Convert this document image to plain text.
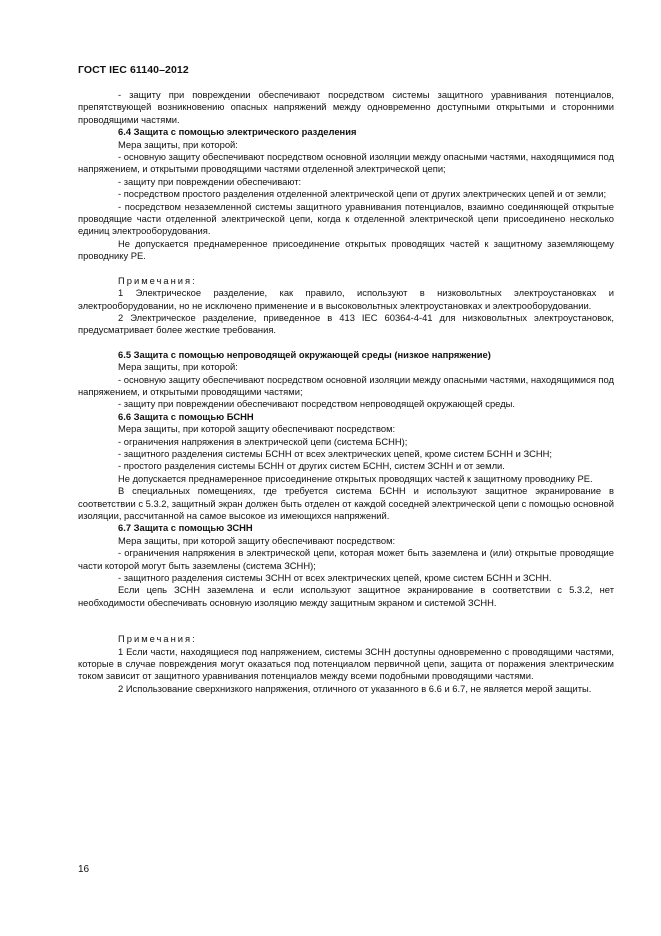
ГОСТ IEC 61140–2012
- защиту при повреждении обеспечивают посредством системы защитного уравнивания потенциалов, препятствующей возникновению опасных напряжений между одновременно доступными открытыми и сторонними проводящими частями.
6.4 Защита с помощью электрического разделения
Мера защиты, при которой:
- основную защиту обеспечивают посредством основной изоляции между опасными частями, находящимися под напряжением, и открытыми проводящими частями отделенной электрической цепи;
- защиту при повреждении обеспечивают:
- посредством простого разделения отделенной электрической цепи от других электрических цепей и от земли;
- посредством незаземленной системы защитного уравнивания потенциалов, взаимно соединяющей открытые проводящие части отделенной электрической цепи, когда к отделенной электрической цепи присоединено несколько единиц электрооборудования.
Не допускается преднамеренное присоединение открытых проводящих частей к защитному заземляющему проводнику PE.
Примечания:
1 Электрическое разделение, как правило, используют в низковольтных электроустановках и электрооборудовании, но не исключено применение и в высоковольтных электроустановках и электрооборудовании.
2 Электрическое разделение, приведенное в 413 IEC 60364-4-41 для низковольтных электроустановок, предусматривает более жесткие требования.
6.5 Защита с помощью непроводящей окружающей среды (низкое напряжение)
Мера защиты, при которой:
- основную защиту обеспечивают посредством основной изоляции между опасными частями, находящимися под напряжением, и открытыми проводящими частями;
- защиту при повреждении обеспечивают посредством непроводящей окружающей среды.
6.6 Защита с помощью БСНН
Мера защиты, при которой защиту обеспечивают посредством:
- ограничения напряжения в электрической цепи (система БСНН);
- защитного разделения системы БСНН от всех электрических цепей, кроме систем БСНН и ЗСНН;
- простого разделения системы БСНН от других систем БСНН, систем ЗСНН и от земли.
Не допускается преднамеренное присоединение открытых проводящих частей к защитному проводнику PE.
В специальных помещениях, где требуется система БСНН и используют защитное экранирование в соответствии с 5.3.2, защитный экран должен быть отделен от каждой соседней электрической цепи с помощью основной изоляции, рассчитанной на самое высокое из имеющихся напряжений.
6.7 Защита с помощью ЗСНН
Мера защиты, при которой защиту обеспечивают посредством:
- ограничения напряжения в электрической цепи, которая может быть заземлена и (или) открытые проводящие части которой могут быть заземлены (система ЗСНН);
- защитного разделения системы ЗСНН от всех электрических цепей, кроме систем БСНН и ЗСНН.
Если цепь ЗСНН заземлена и если используют защитное экранирование в соответствии с 5.3.2, нет необходимости обеспечивать основную изоляцию между защитным экраном и системой ЗСНН.
Примечания:
1 Если части, находящиеся под напряжением, системы ЗСНН доступны одновременно с проводящими частями, которые в случае повреждения могут оказаться под потенциалом первичной цепи, защита от поражения электрическим током зависит от защитного уравнивания потенциалов между всеми подобными проводящими частями.
2 Использование сверхнизкого напряжения, отличного от указанного в 6.6 и 6.7, не является мерой защиты.
16
